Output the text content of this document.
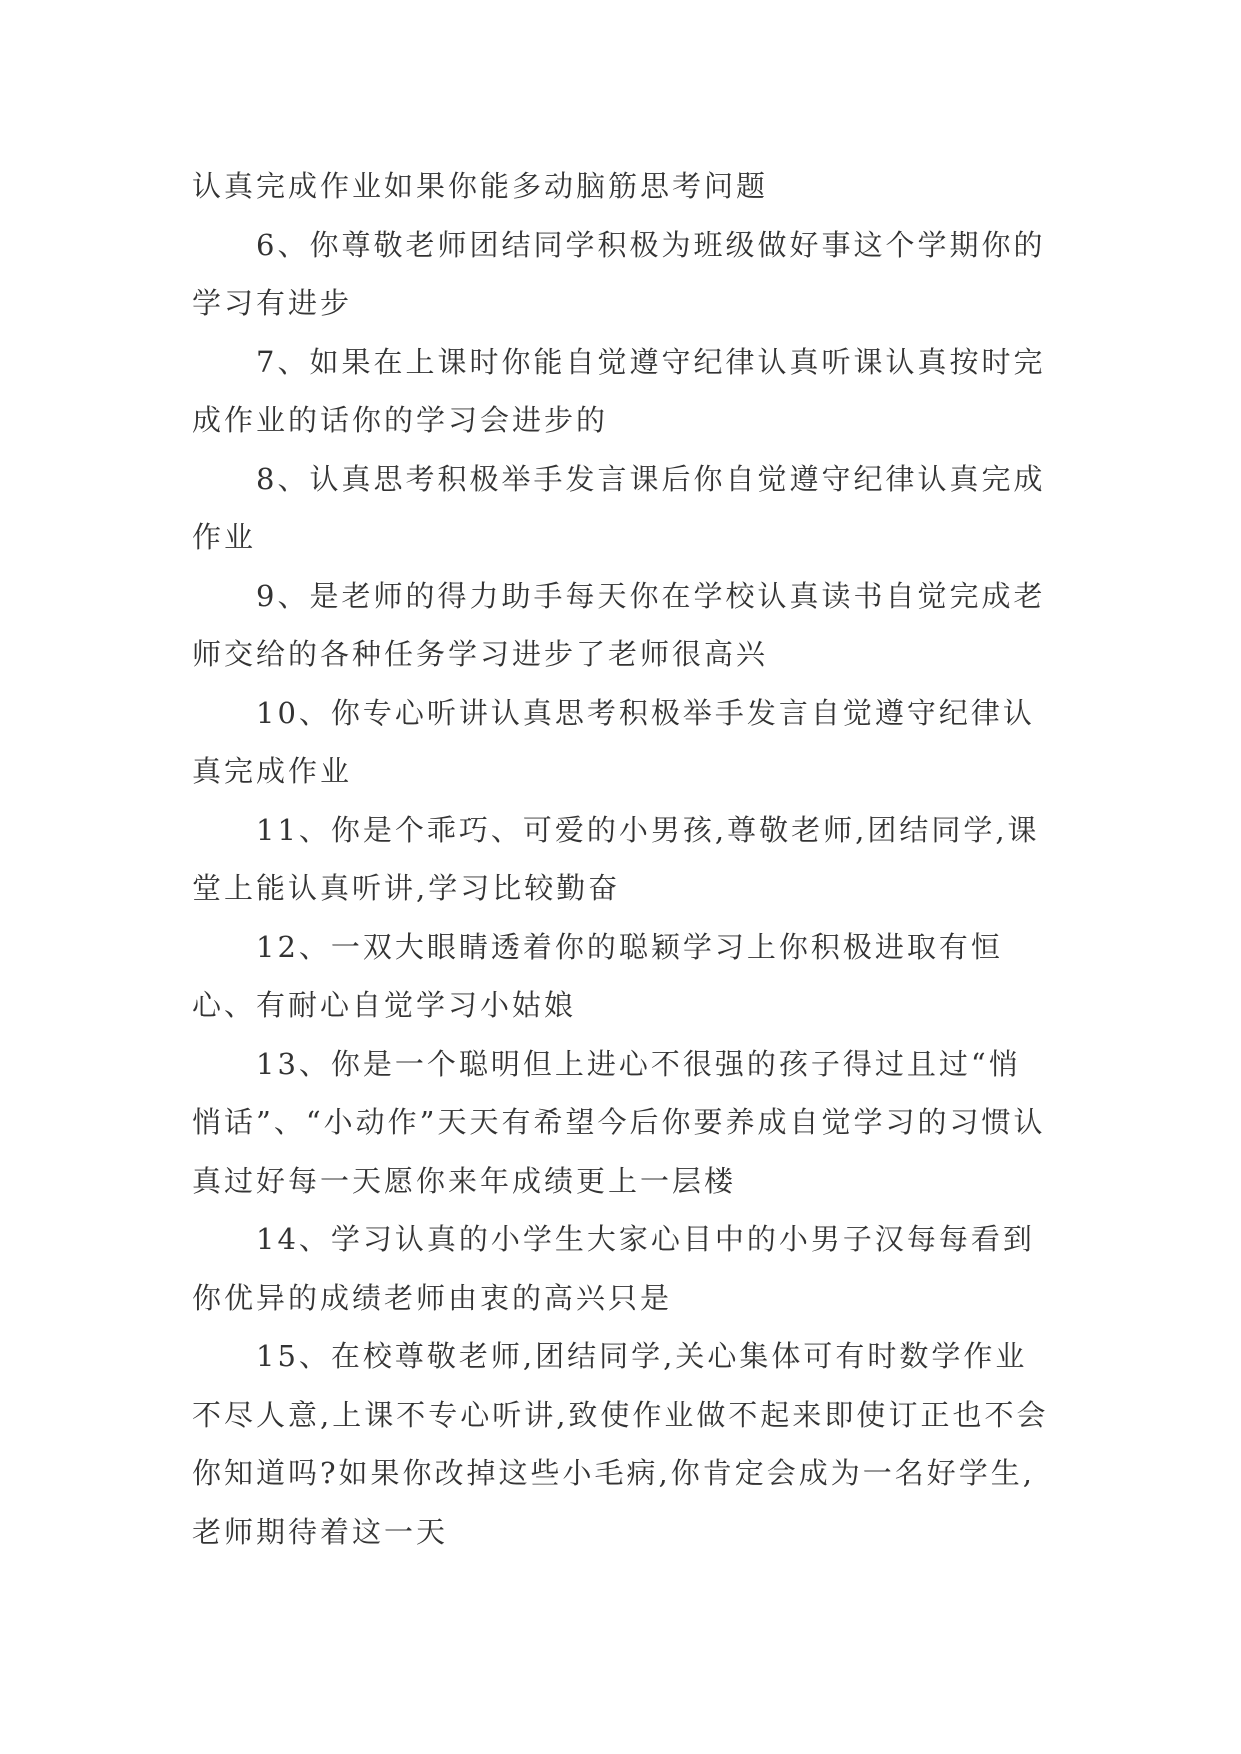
认真完成作业如果你能多动脑筋思考问题

6、你尊敬老师团结同学积极为班级做好事这个学期你的学习有进步

7、如果在上课时你能自觉遵守纪律认真听课认真按时完成作业的话你的学习会进步的

8、认真思考积极举手发言课后你自觉遵守纪律认真完成作业

9、是老师的得力助手每天你在学校认真读书自觉完成老师交给的各种任务学习进步了老师很高兴

10、你专心听讲认真思考积极举手发言自觉遵守纪律认真完成作业

11、你是个乖巧、可爱的小男孩,尊敬老师,团结同学,课堂上能认真听讲,学习比较勤奋

12、一双大眼睛透着你的聪颖学习上你积极进取有恒心、有耐心自觉学习小姑娘

13、你是一个聪明但上进心不很强的孩子得过且过“悄悄话”、“小动作”天天有希望今后你要养成自觉学习的习惯认真过好每一天愿你来年成绩更上一层楼

14、学习认真的小学生大家心目中的小男子汉每每看到你优异的成绩老师由衷的高兴只是

15、在校尊敬老师,团结同学,关心集体可有时数学作业不尽人意,上课不专心听讲,致使作业做不起来即使订正也不会你知道吗?如果你改掉这些小毛病,你肯定会成为一名好学生,老师期待着这一天
